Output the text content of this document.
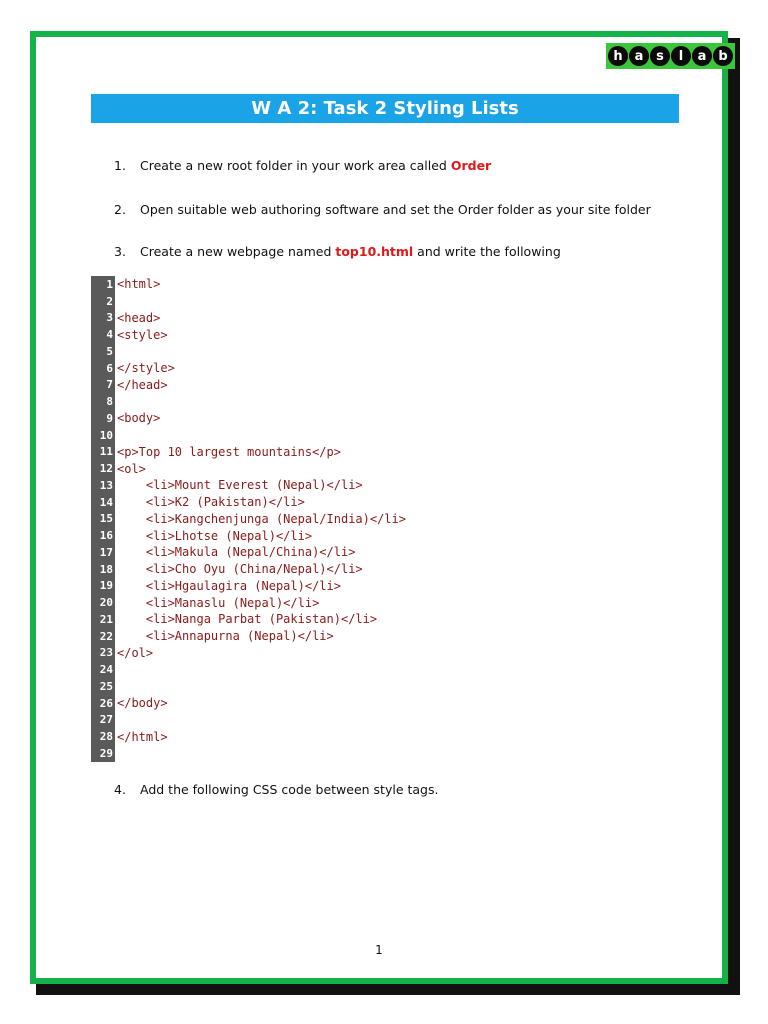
h a s	l	a b
W A 2: Task 2 Styling Lists
1. Create a new root folder in your work area called Order
2. Open suitable web authoring software and set the Order folder as your site folder
3. Create a new webpage named top10.html and write the following
1 <html>
2
3 <head>
4 <style>
5
6 </style>
7 </head>
8
9 <body>
10
11 <p>Top 10 largest mountains</p>
12 <ol>
13 <li>Mount Everest (Nepal)</li>
14 <li>K2 (Pakistan)</li>
15 <li>Kangchenjunga (Nepal/India)</li>
16 <li>Lhotse (Nepal)</li>
17 <li>Makula (Nepal/China)</li>
18 <li>Cho Oyu (China/Nepal)</li>
19 <li>Hgaulagira (Nepal)</li>
20 <li>Manaslu (Nepal)</li>
21 <li>Nanga Parbat (Pakistan)</li>
22 <li>Annapurna (Nepal)</li>
23 </ol>
24
25
26 </body>
27
28 </html>
29
4. Add the following CSS code between style tags.
1
